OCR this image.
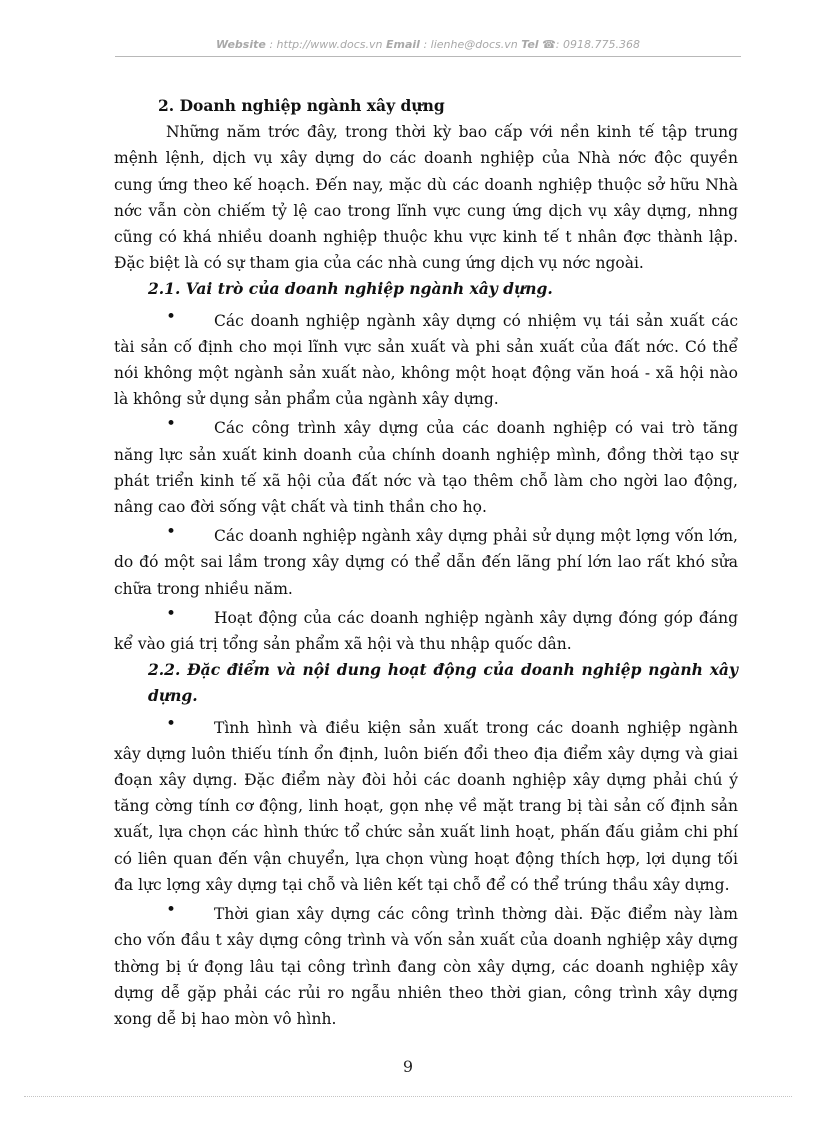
Website : http://www.docs.vn Email : lienhe@docs.vn Tel ☎: 0918.775.368

2. Doanh nghiệp ngành xây dựng

Những năm trớc đây, trong thời kỳ bao cấp với nền kinh tế tập trung mệnh lệnh, dịch vụ xây dựng do các doanh nghiệp của Nhà nớc độc quyền cung ứng theo kế hoạch. Đến nay, mặc dù các doanh nghiệp thuộc sở hữu Nhà nớc vẫn còn chiếm tỷ lệ cao trong lĩnh vực cung ứng dịch vụ xây dựng, nhng cũng có khá nhiều doanh nghiệp thuộc khu vực kinh tế t nhân đợc thành lập. Đặc biệt là có sự tham gia của các nhà cung ứng dịch vụ nớc ngoài.

2.1. Vai trò của doanh nghiệp ngành xây dựng.

• Các doanh nghiệp ngành xây dựng có nhiệm vụ tái sản xuất các tài sản cố định cho mọi lĩnh vực sản xuất và phi sản xuất của đất nớc. Có thể nói không một ngành sản xuất nào, không một hoạt động văn hoá - xã hội nào là không sử dụng sản phẩm của ngành xây dựng.

• Các công trình xây dựng của các doanh nghiệp có vai trò tăng năng lực sản xuất kinh doanh của chính doanh nghiệp mình, đồng thời tạo sự phát triển kinh tế xã hội của đất nớc và tạo thêm chỗ làm cho ngời lao động, nâng cao đời sống vật chất và tinh thần cho họ.

• Các doanh nghiệp ngành xây dựng phải sử dụng một lợng vốn lớn, do đó một sai lầm trong xây dựng có thể dẫn đến lãng phí lớn lao rất khó sửa chữa trong nhiều năm.

• Hoạt động của các doanh nghiệp ngành xây dựng đóng góp đáng kể vào giá trị tổng sản phẩm xã hội và thu nhập quốc dân.

2.2. Đặc điểm và nội dung hoạt động của doanh nghiệp ngành xây dựng.

• Tình hình và điều kiện sản xuất trong các doanh nghiệp ngành xây dựng luôn thiếu tính ổn định, luôn biến đổi theo địa điểm xây dựng và giai đoạn xây dựng. Đặc điểm này đòi hỏi các doanh nghiệp xây dựng phải chú ý tăng cờng tính cơ động, linh hoạt, gọn nhẹ về mặt trang bị tài sản cố định sản xuất, lựa chọn các hình thức tổ chức sản xuất linh hoạt, phấn đấu giảm chi phí có liên quan đến vận chuyển, lựa chọn vùng hoạt động thích hợp, lợi dụng tối đa lực lợng xây dựng tại chỗ và liên kết tại chỗ để có thể trúng thầu xây dựng.

• Thời gian xây dựng các công trình thờng dài. Đặc điểm này làm cho vốn đầu t xây dựng công trình và vốn sản xuất của doanh nghiệp xây dựng thờng bị ứ đọng lâu tại công trình đang còn xây dựng, các doanh nghiệp xây dựng dễ gặp phải các rủi ro ngẫu nhiên theo thời gian, công trình xây dựng xong dễ bị hao mòn vô hình.

9
